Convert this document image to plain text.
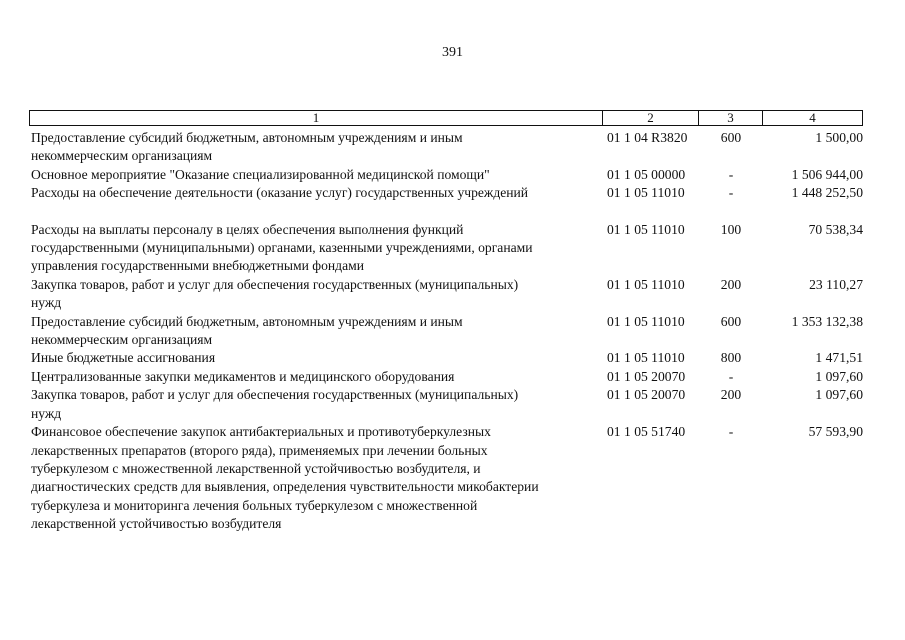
391
1	2	3	4
Предоставление субсидий бюджетным, автономным учреждениям и иным
некоммерческим организациям
01 1 04 R3820	600	1 500,00
Основное мероприятие "Оказание специализированной медицинской помощи"	01 1 05 00000	-	1 506 944,00
Расходы на обеспечение деятельности (оказание услуг) государственных учреждений	01 1 05 11010	-	1 448 252,50
Расходы на выплаты персоналу в целях обеспечения выполнения функций
государственными (муниципальными) органами, казенными учреждениями, органами
управления государственными внебюджетными фондами
01 1 05 11010	100	70 538,34
Закупка товаров, работ и услуг для обеспечения государственных (муниципальных)
нужд
01 1 05 11010	200	23 110,27
Предоставление субсидий бюджетным, автономным учреждениям и иным
некоммерческим организациям
01 1 05 11010	600	1 353 132,38
Иные бюджетные ассигнования	01 1 05 11010	800	1 471,51
Централизованные закупки медикаментов и медицинского оборудования	01 1 05 20070	-	1 097,60
Закупка товаров, работ и услуг для обеспечения государственных (муниципальных)
нужд
01 1 05 20070	200	1 097,60
Финансовое обеспечение закупок антибактериальных и противотуберкулезных
лекарственных препаратов (второго ряда), применяемых при лечении больных
туберкулезом с множественной лекарственной устойчивостью возбудителя, и
диагностических средств для выявления, определения чувствительности микобактерии
туберкулеза и мониторинга лечения больных туберкулезом с множественной
лекарственной устойчивостью возбудителя
01 1 05 51740	-	57 593,90
